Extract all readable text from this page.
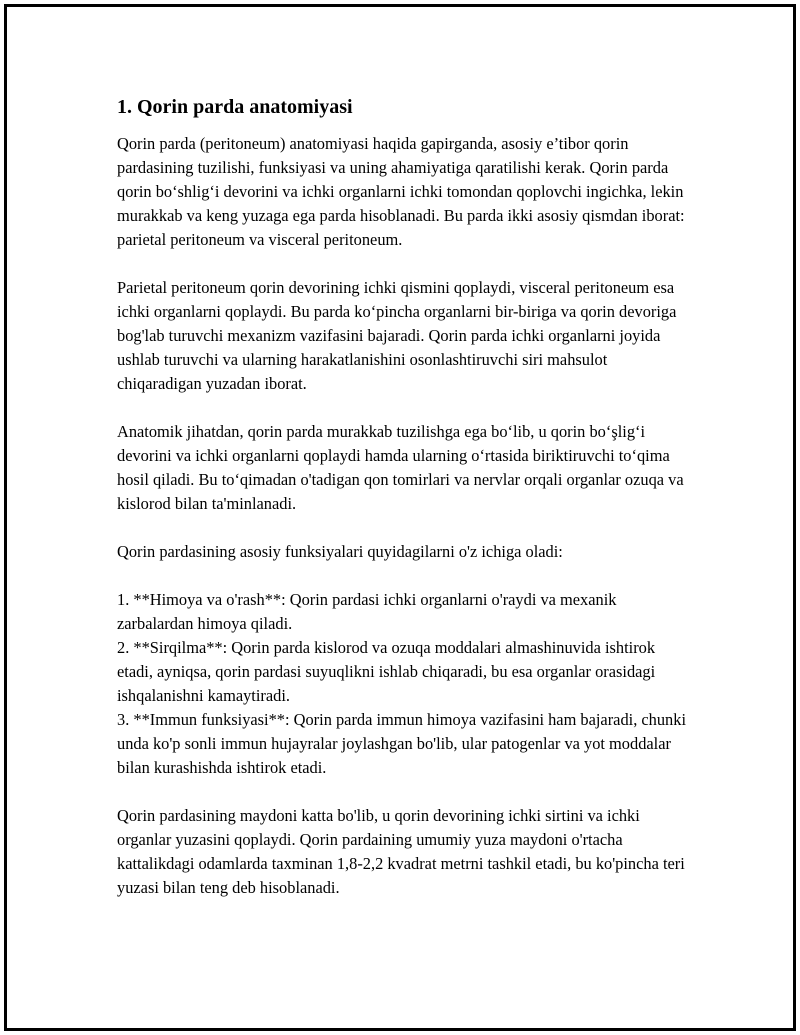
1. Qorin parda anatomiyasi

Qorin parda (peritoneum) anatomiyasi haqida gapirganda, asosiy e’tibor qorin pardasining tuzilishi, funksiyasi va uning ahamiyatiga qaratilishi kerak. Qorin parda qorin bo‘shlig‘i devorini va ichki organlarni ichki tomondan qoplovchi ingichka, lekin murakkab va keng yuzaga ega parda hisoblanadi. Bu parda ikki asosiy qismdan iborat: parietal peritoneum va visceral peritoneum.

Parietal peritoneum qorin devorining ichki qismini qoplaydi, visceral peritoneum esa ichki organlarni qoplaydi. Bu parda ko‘pincha organlarni bir-biriga va qorin devoriga bog'lab turuvchi mexanizm vazifasini bajaradi. Qorin parda ichki organlarni joyida ushlab turuvchi va ularning harakatlanishini osonlashtiruvchi siri mahsulot chiqaradigan yuzadan iborat.

Anatomik jihatdan, qorin parda murakkab tuzilishga ega bo‘lib, u qorin bo‘şlig‘i devorini va ichki organlarni qoplaydi hamda ularning o‘rtasida biriktiruvchi to‘qima hosil qiladi. Bu to‘qimadan o'tadigan qon tomirlari va nervlar orqali organlar ozuqa va kislorod bilan ta'minlanadi.

Qorin pardasining asosiy funksiyalari quyidagilarni o'z ichiga oladi:

1. **Himoya va o'rash**: Qorin pardasi ichki organlarni o'raydi va mexanik zarbalardan himoya qiladi.

2. **Sirqilma**: Qorin parda kislorod va ozuqa moddalari almashinuvida ishtirok etadi, ayniqsa, qorin pardasi suyuqlikni ishlab chiqaradi, bu esa organlar orasidagi ishqalanishni kamaytiradi.

3. **Immun funksiyasi**: Qorin parda immun himoya vazifasini ham bajaradi, chunki unda ko'p sonli immun hujayralar joylashgan bo'lib, ular patogenlar va yot moddalar bilan kurashishda ishtirok etadi.

Qorin pardasining maydoni katta bo'lib, u qorin devorining ichki sirtini va ichki organlar yuzasini qoplaydi. Qorin pardaining umumiy yuza maydoni o'rtacha kattalikdagi odamlarda taxminan 1,8-2,2 kvadrat metrni tashkil etadi, bu ko'pincha teri yuzasi bilan teng deb hisoblanadi.
